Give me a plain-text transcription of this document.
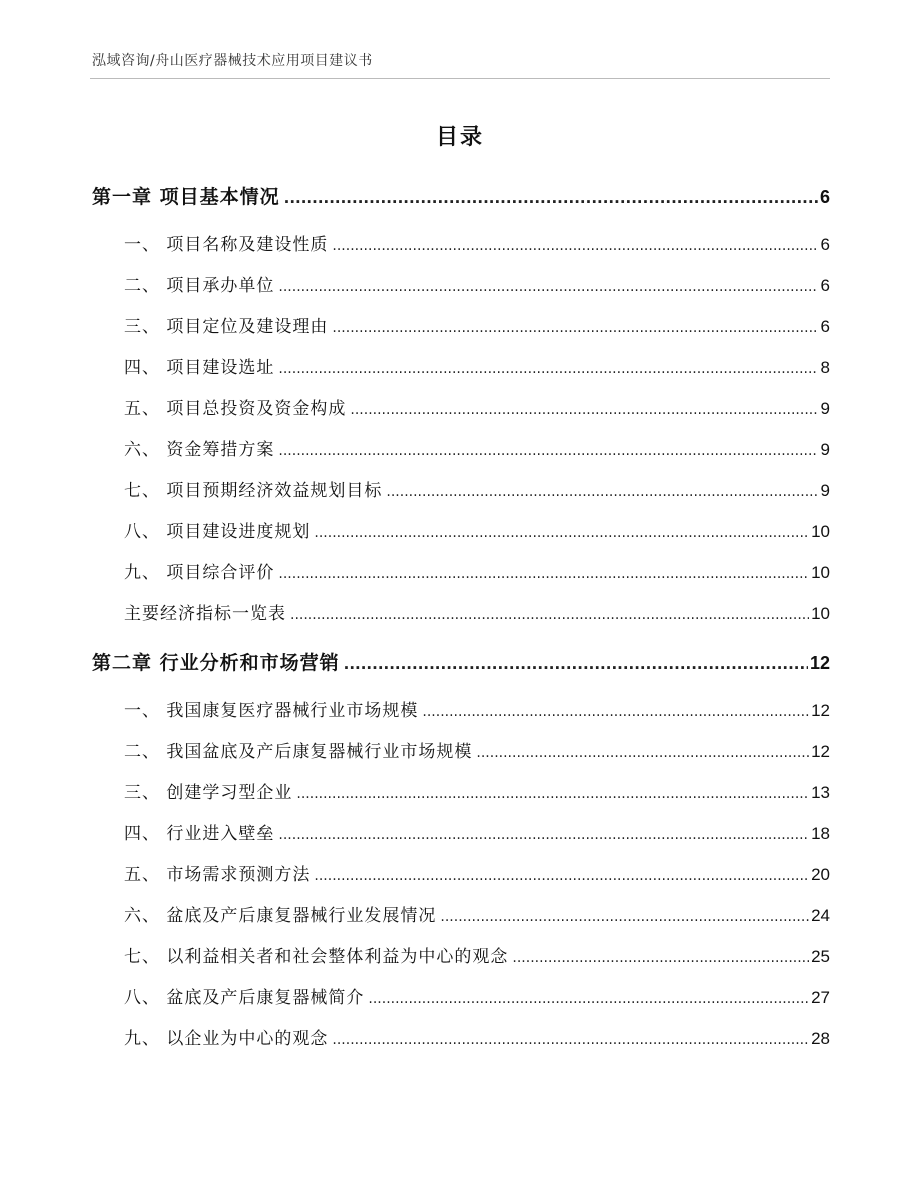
泓域咨询/舟山医疗器械技术应用项目建议书
目录
第一章 项目基本情况 .....	6
一、 项目名称及建设性质 .....	6
二、 项目承办单位 .....	6
三、 项目定位及建设理由 .....	6
四、 项目建设选址 .....	8
五、 项目总投资及资金构成 .....	9
六、 资金筹措方案 .....	9
七、 项目预期经济效益规划目标 .....	9
八、 项目建设进度规划 .....	10
九、 项目综合评价 .....	10
主要经济指标一览表 .....	10
第二章 行业分析和市场营销 .....	12
一、 我国康复医疗器械行业市场规模 .....	12
二、 我国盆底及产后康复器械行业市场规模 .....	12
三、 创建学习型企业 .....	13
四、 行业进入壁垒 .....	18
五、 市场需求预测方法 .....	20
六、 盆底及产后康复器械行业发展情况 .....	24
七、 以利益相关者和社会整体利益为中心的观念 .....	25
八、 盆底及产后康复器械简介 .....	27
九、 以企业为中心的观念 .....	28
